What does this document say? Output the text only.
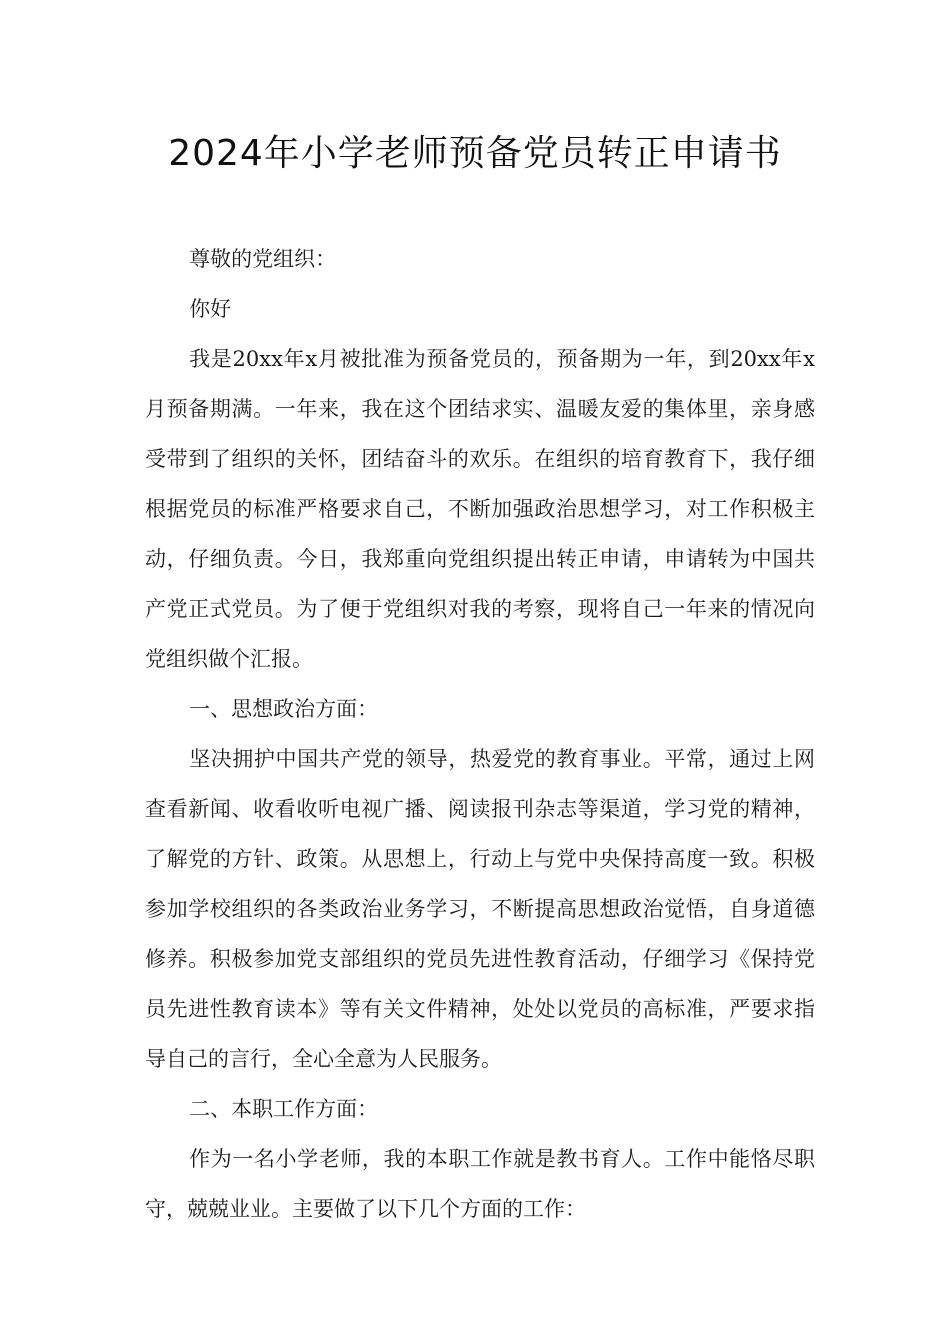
2024年小学老师预备党员转正申请书

尊敬的党组织：

你好

我是20xx年x月被批准为预备党员的，预备期为一年，到20xx年x月预备期满。一年来，我在这个团结求实、温暖友爱的集体里，亲身感受带到了组织的关怀，团结奋斗的欢乐。在组织的培育教育下，我仔细根据党员的标准严格要求自己，不断加强政治思想学习，对工作积极主动，仔细负责。今日，我郑重向党组织提出转正申请，申请转为中国共产党正式党员。为了便于党组织对我的考察，现将自己一年来的情况向党组织做个汇报。

一、思想政治方面：

坚决拥护中国共产党的领导，热爱党的教育事业。平常，通过上网查看新闻、收看收听电视广播、阅读报刊杂志等渠道，学习党的精神，了解党的方针、政策。从思想上，行动上与党中央保持高度一致。积极参加学校组织的各类政治业务学习，不断提高思想政治觉悟，自身道德修养。积极参加党支部组织的党员先进性教育活动，仔细学习《保持党员先进性教育读本》等有关文件精神，处处以党员的高标准，严要求指导自己的言行，全心全意为人民服务。

二、本职工作方面：

作为一名小学老师，我的本职工作就是教书育人。工作中能恪尽职守，兢兢业业。主要做了以下几个方面的工作：
